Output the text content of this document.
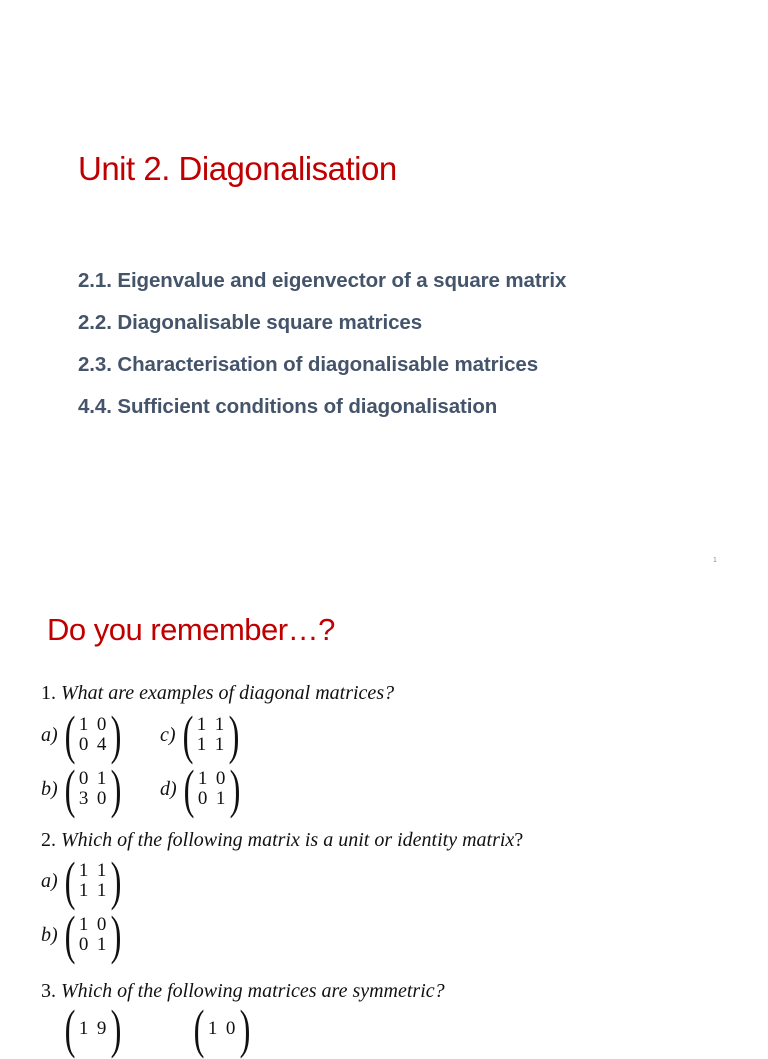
Unit 2. Diagonalisation
2.1. Eigenvalue and eigenvector of a square matrix
2.2. Diagonalisable square matrices
2.3. Characterisation of diagonalisable matrices
4.4. Sufficient conditions of diagonalisation
1
Do you remember…?
1. What are examples of diagonal matrices?
a) ( 1 0
0 4 ) c) ( 1 1
1 1 )
b) ( 0 1
3 0 ) d) ( 1 0
0 1 )
2. Which of the following matrix is a unit or identity matrix?
a) ( 1 1
1 1 )
b) ( 1 0
0 1 )
3. Which of the following matrices are symmetric?
( 1 9 ) ( 1 0 )
